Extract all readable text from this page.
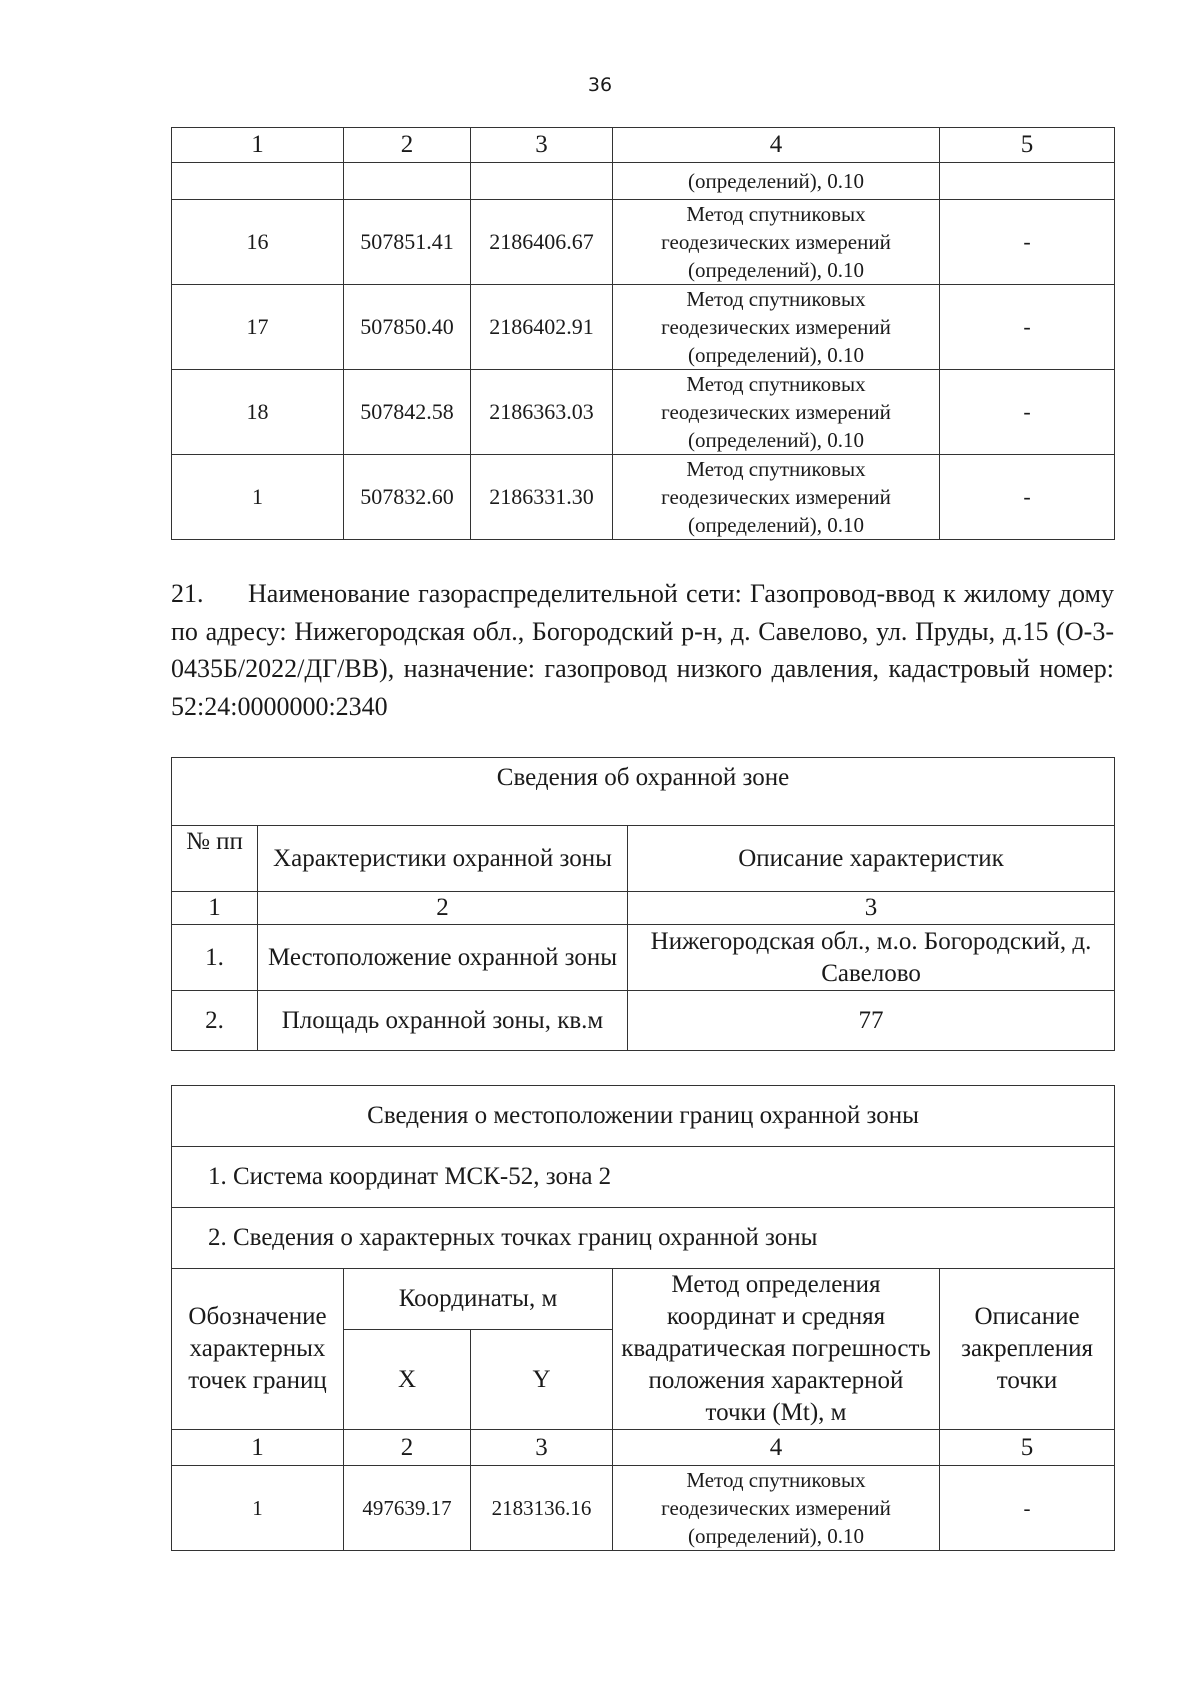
36
1	2	3	4	5
			(определений), 0.10	
16	507851.41	2186406.67	Метод спутниковых
геодезических измерений
(определений), 0.10	-
17	507850.40	2186402.91	Метод спутниковых
геодезических измерений
(определений), 0.10	-
18	507842.58	2186363.03	Метод спутниковых
геодезических измерений
(определений), 0.10	-
1	507832.60	2186331.30	Метод спутниковых
геодезических измерений
(определений), 0.10	-
21. Наименование газораспределительной сети: Газопровод-ввод к жилому дому по адресу: Нижегородская обл., Богородский р-н, д. Савелово, ул. Пруды, д.15 (О-3-0435Б/2022/ДГ/ВВ), назначение: газопровод низкого давления, кадастровый номер: 52:24:0000000:2340
Сведения об охранной зоне		
№ пп	Характеристики охранной зоны	Описание характеристик
1	2	3
1.	Местоположение охранной зоны	Нижегородская обл., м.о. Богородский, д. Савелово
2.	Площадь охранной зоны, кв.м	77
Сведения о местоположении границ охранной зоны				
1. Система координат МСК-52, зона 2				
2. Сведения о характерных точках границ охранной зоны				
Обозначение характерных точек границ	Координаты, м		Метод определения координат и средняя квадратическая погрешность положения характерной точки (Mt), м	Описание закрепления точки
	X	Y		
1	2	3	4	5
1	497639.17	2183136.16	Метод спутниковых
геодезических измерений
(определений), 0.10	-
